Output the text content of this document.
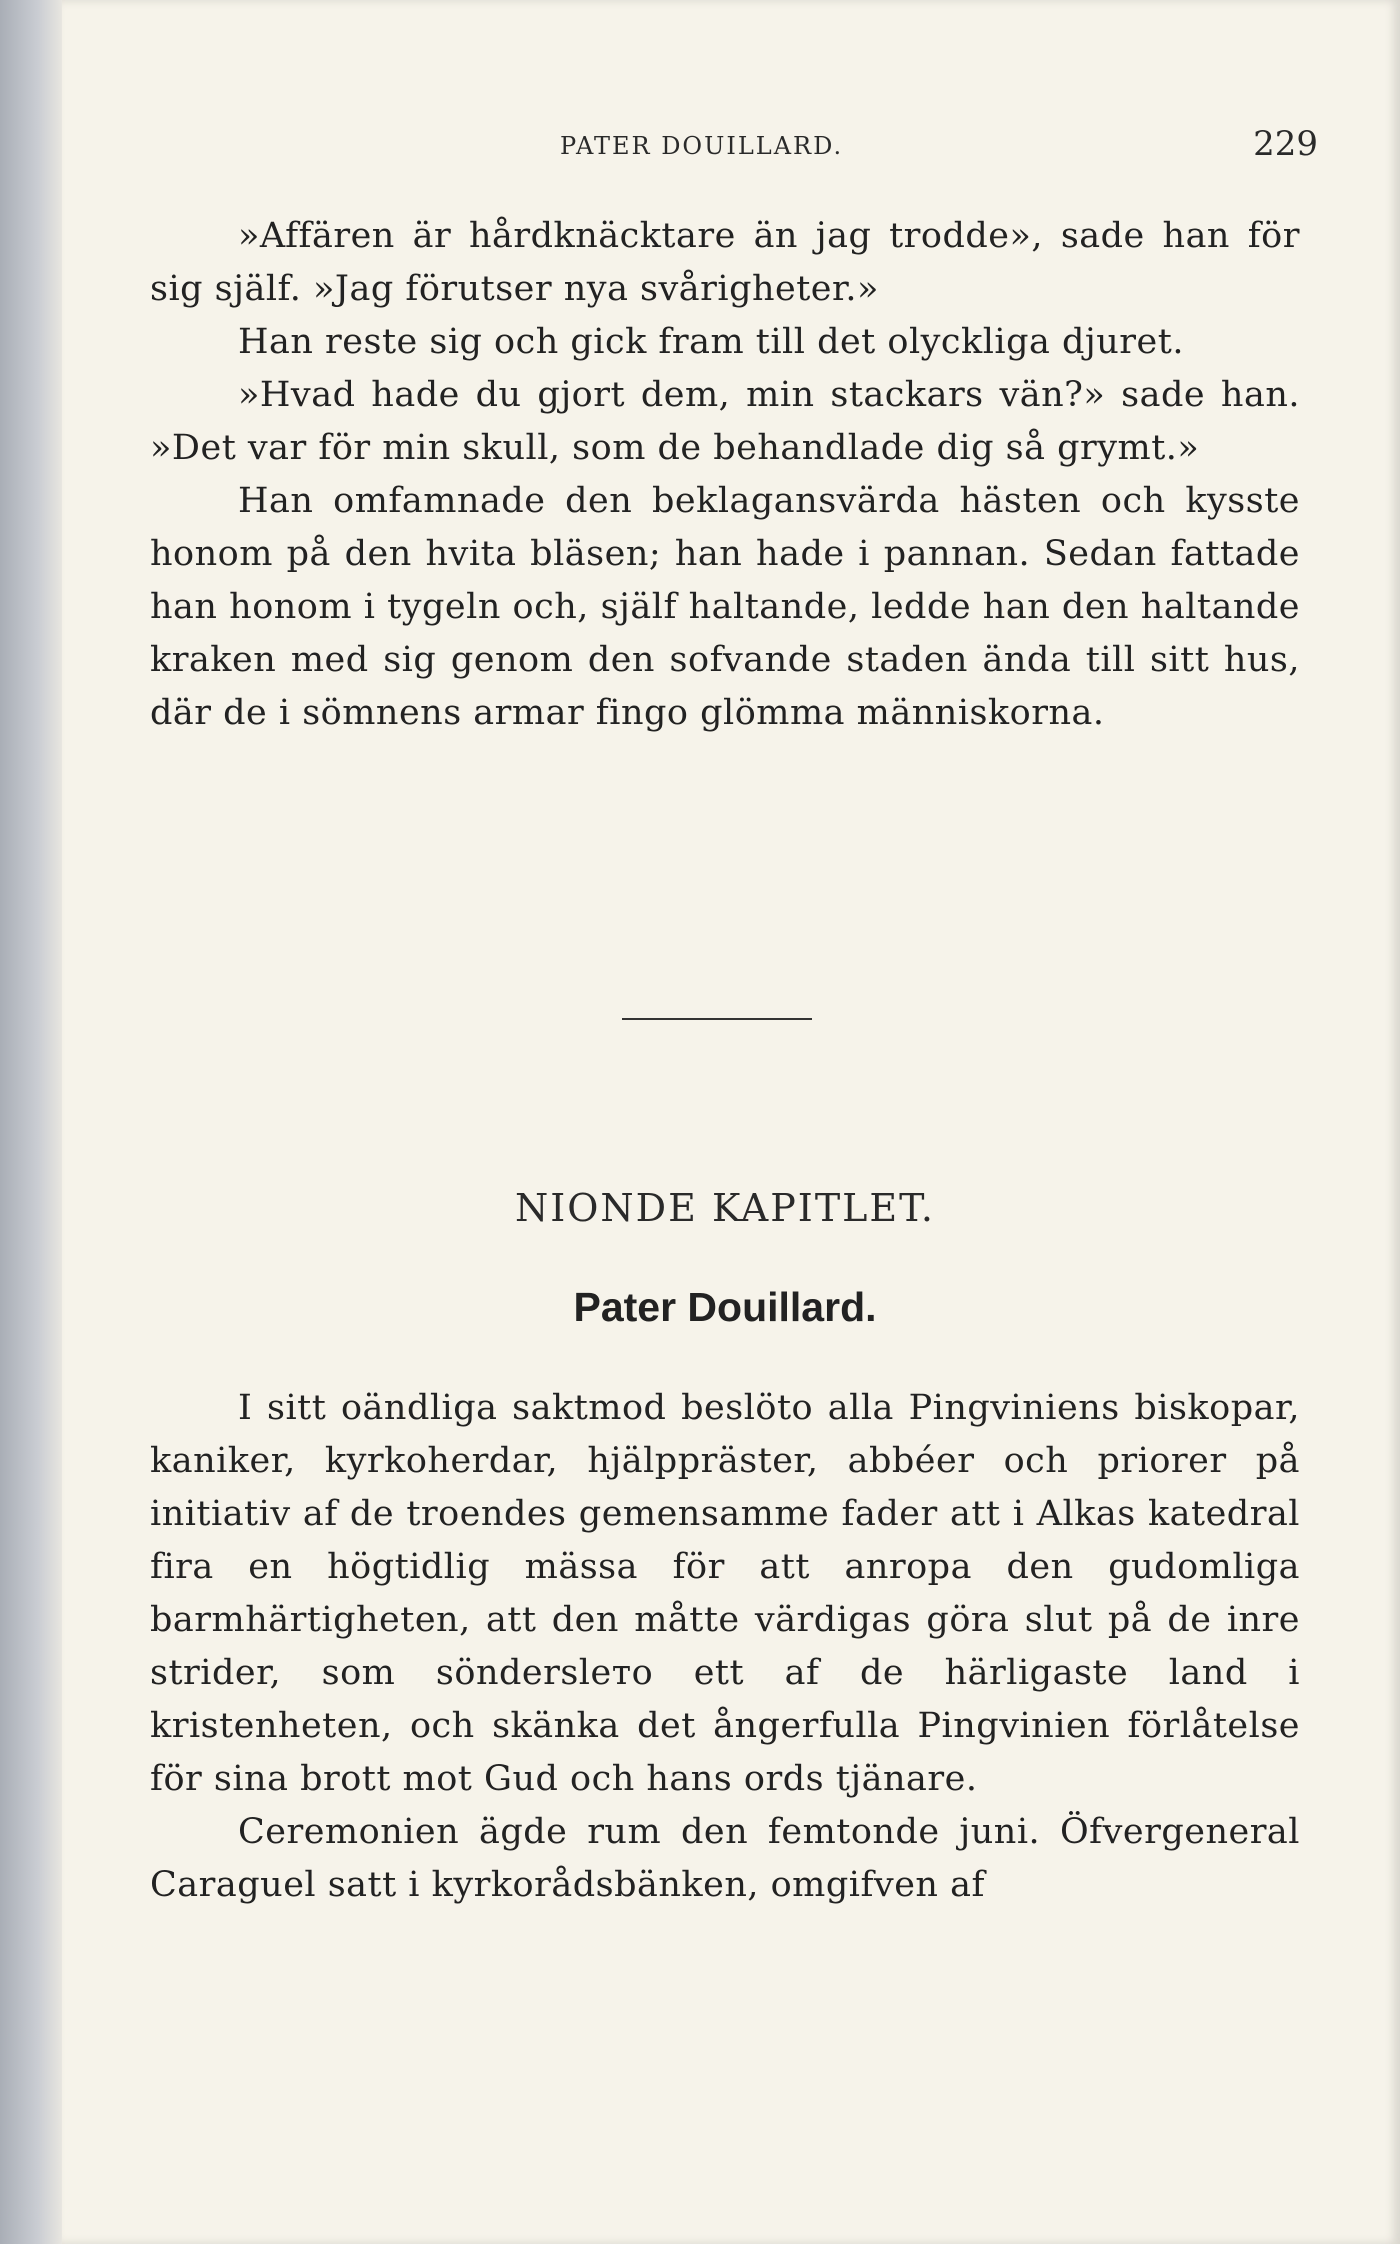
PATER DOUILLARD.	229

»Affären är hårdknäcktare än jag trodde», sade han för sig själf. »Jag förutser nya svårigheter.»

Han reste sig och gick fram till det olyckliga djuret.

»Hvad hade du gjort dem, min stackars vän?» sade han. »Det var för min skull, som de behandlade dig så grymt.»

Han omfamnade den beklagansvärda hästen och kysste honom på den hvita bläsen; han hade i pannan. Sedan fattade han honom i tygeln och, själf haltande, ledde han den haltande kraken med sig genom den sofvande staden ända till sitt hus, där de i sömnens armar fingo glömma människorna.

NIONDE KAPITLET.
Pater Douillard.

I sitt oändliga saktmod beslöto alla Pingviniens biskopar, kaniker, kyrkoherdar, hjälppräster, abbéer och priorer på initiativ af de troendes gemensamme fader att i Alkas katedral fira en högtidlig mässa för att anropa den gudomliga barmhärtigheten, att den måtte värdigas göra slut på de inre strider, som sönderslето ett af de härligaste land i kristenheten, och skänka det ångerfulla Pingvinien förlåtelse för sina brott mot Gud och hans ords tjänare.

Ceremonien ägde rum den femtonde juni. Öfvergeneral Caraguel satt i kyrkorådsbänken, omgifven af
